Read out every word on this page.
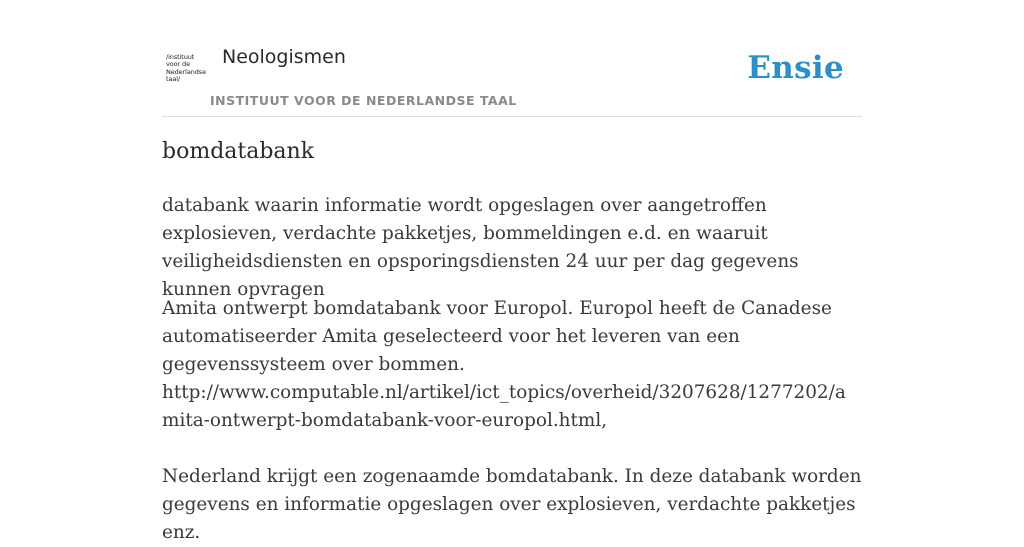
/instituut
voor de
Nederlandse
taal/
Neologismen
INSTITUUT VOOR DE NEDERLANDSE TAAL
Ensie
bomdatabank

databank waarin informatie wordt opgeslagen over aangetroffen explosieven, verdachte pakketjes, bommeldingen e.d. en waaruit veiligheidsdiensten en opsporingsdiensten 24 uur per dag gegevens kunnen opvragen

Amita ontwerpt bomdatabank voor Europol. Europol heeft de Canadese automatiseerder Amita geselecteerd voor het leveren van een gegevenssysteem over bommen.
http://www.computable.nl/artikel/ict_topics/overheid/3207628/1277202/amita-ontwerpt-bomdatabank-voor-europol.html,
Nederland krijgt een zogenaamde bomdatabank. In deze databank worden gegevens en informatie opgeslagen over explosieven, verdachte pakketjes enz.
